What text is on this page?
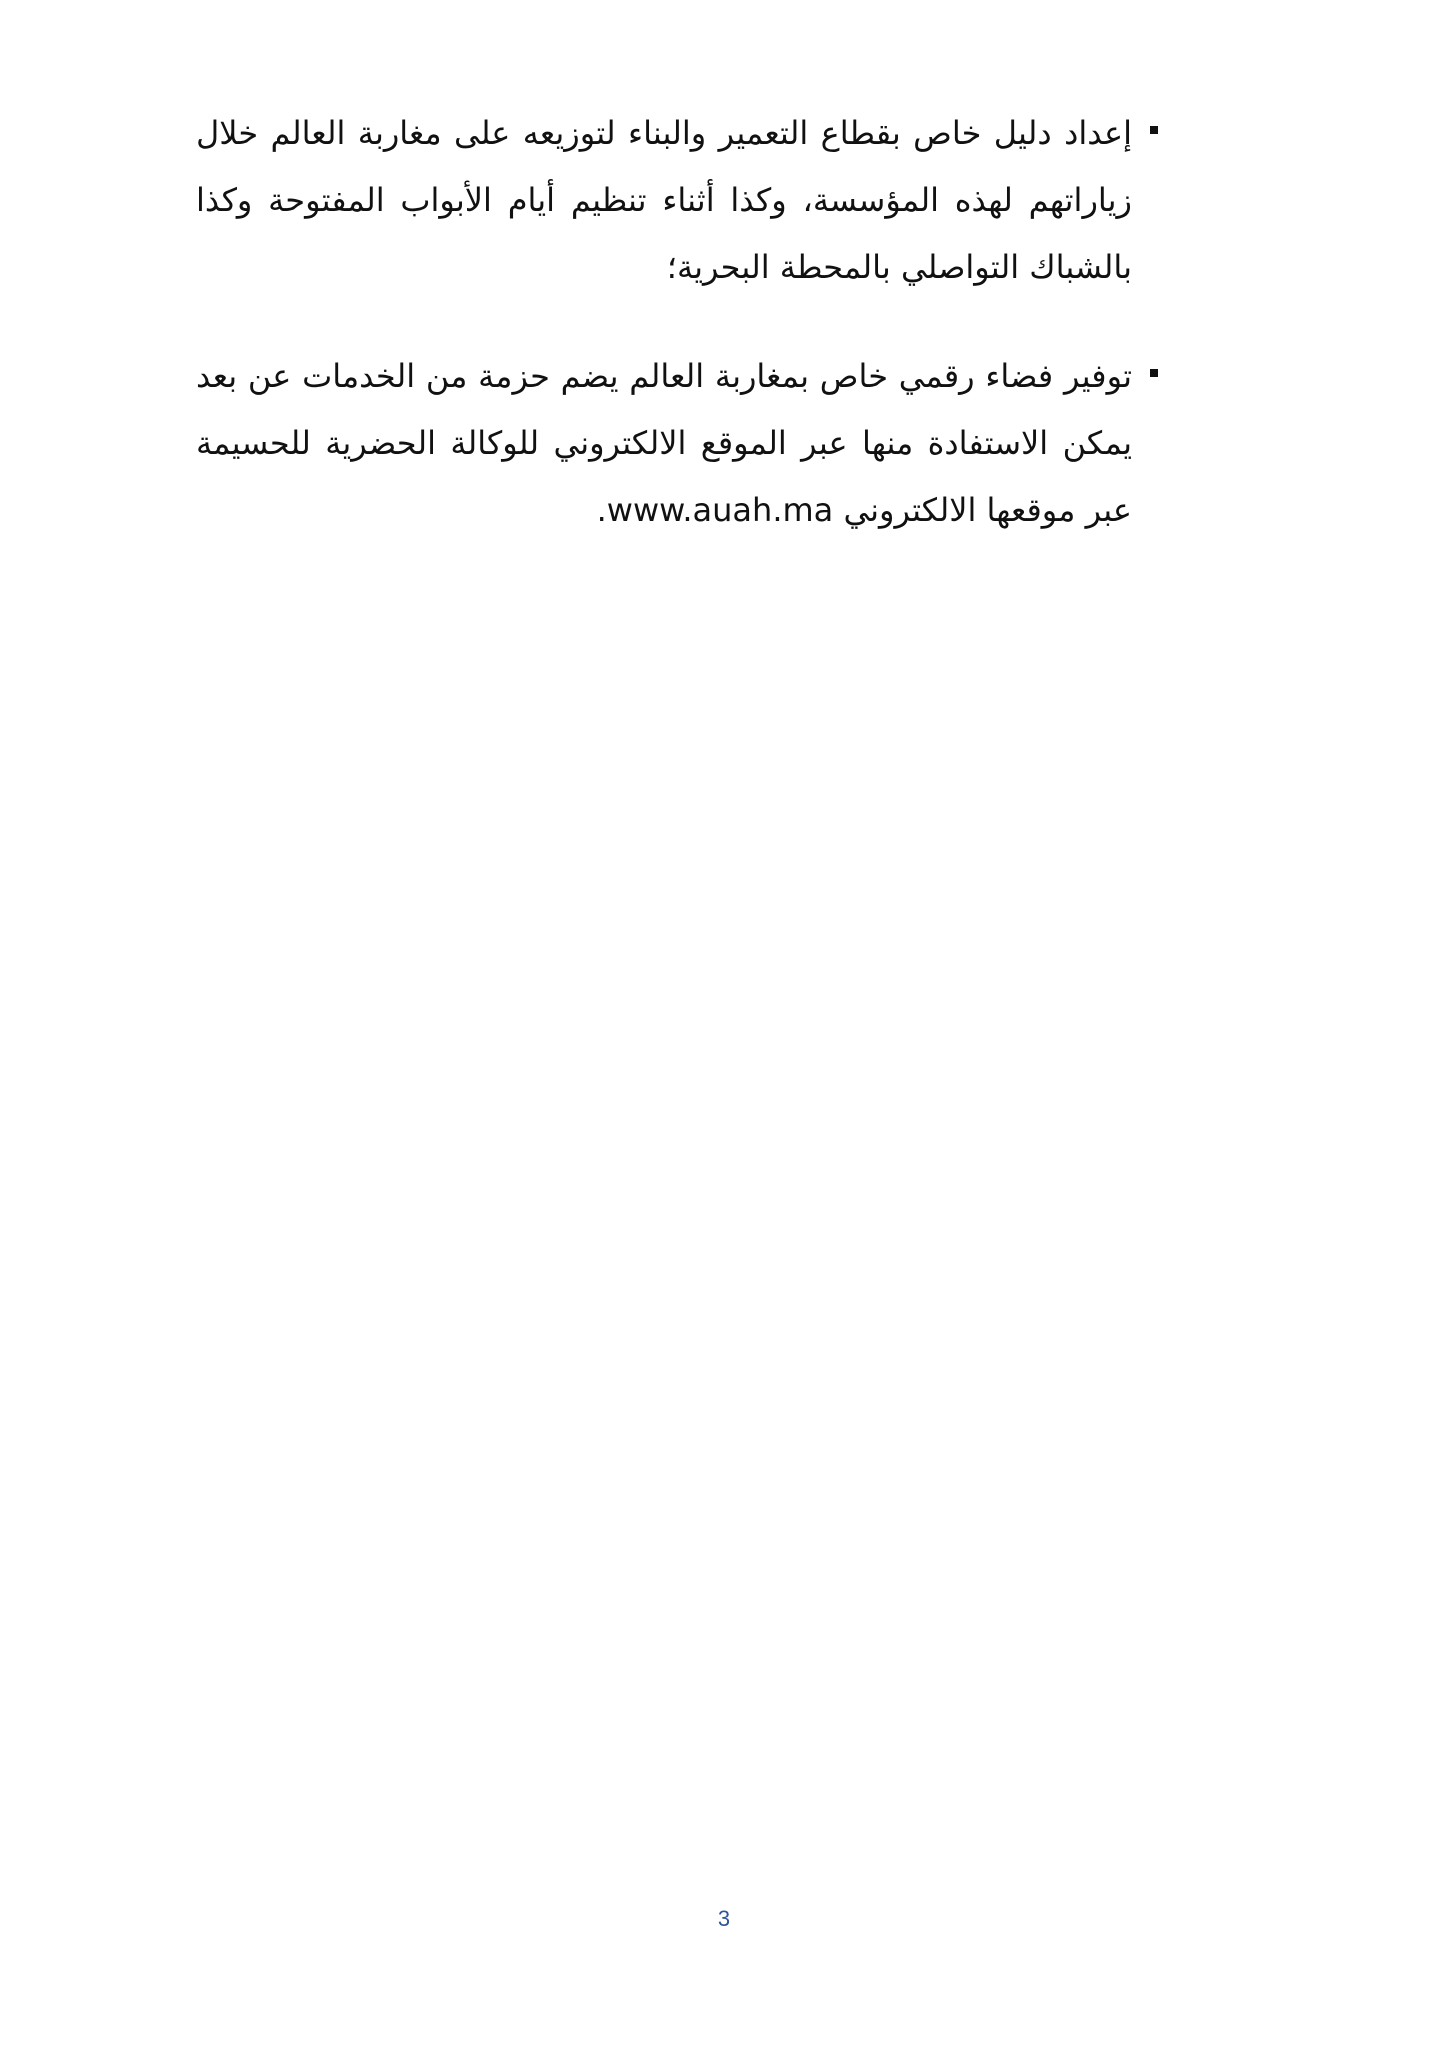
إعداد دليل خاص بقطاع التعمير والبناء لتوزيعه على مغاربة العالم خلال زياراتهم لهذه المؤسسة، وكذا أثناء تنظيم أيام الأبواب المفتوحة وكذا بالشباك التواصلي بالمحطة البحرية؛

توفير فضاء رقمي خاص بمغاربة العالم يضم حزمة من الخدمات عن بعد يمكن الاستفادة منها عبر الموقع الالكتروني للوكالة الحضرية للحسيمة عبر موقعها الالكتروني www.auah.ma.

3
